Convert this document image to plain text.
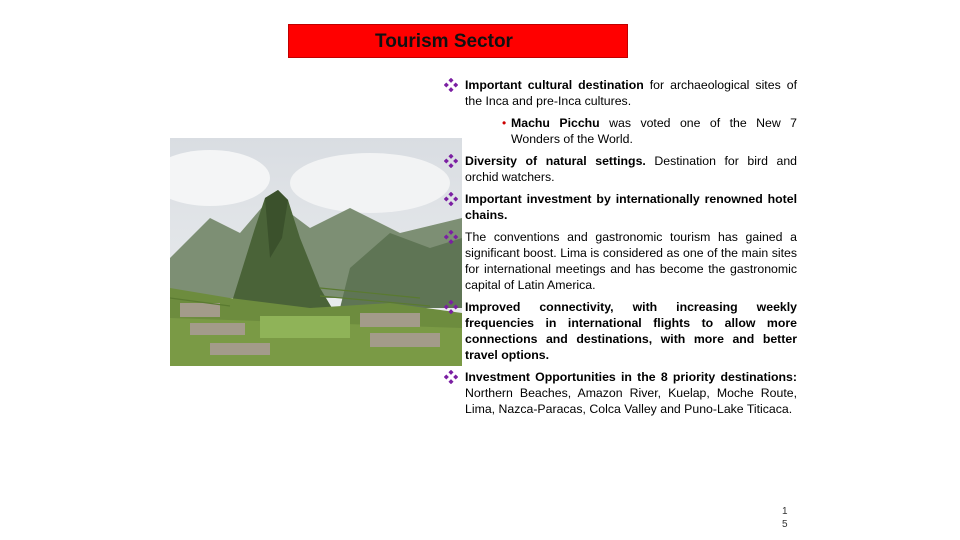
Tourism Sector
Important cultural destination for archaeological sites of the Inca and pre-Inca cultures.
• Machu Picchu was voted one of the New 7 Wonders of the World.
Diversity of natural settings. Destination for bird and orchid watchers.
Important investment by internationally renowned hotel chains.
The conventions and gastronomic tourism has gained a significant boost. Lima is considered as one of the main sites for international meetings and has become the gastronomic capital of Latin America.
Improved connectivity, with increasing weekly frequencies in international flights to allow more connections and destinations, with more and better travel options.
Investment Opportunities in the 8 priority destinations: Northern Beaches, Amazon River, Kuelap, Moche Route, Lima, Nazca-Paracas, Colca Valley and Puno-Lake Titicaca.
1
5
